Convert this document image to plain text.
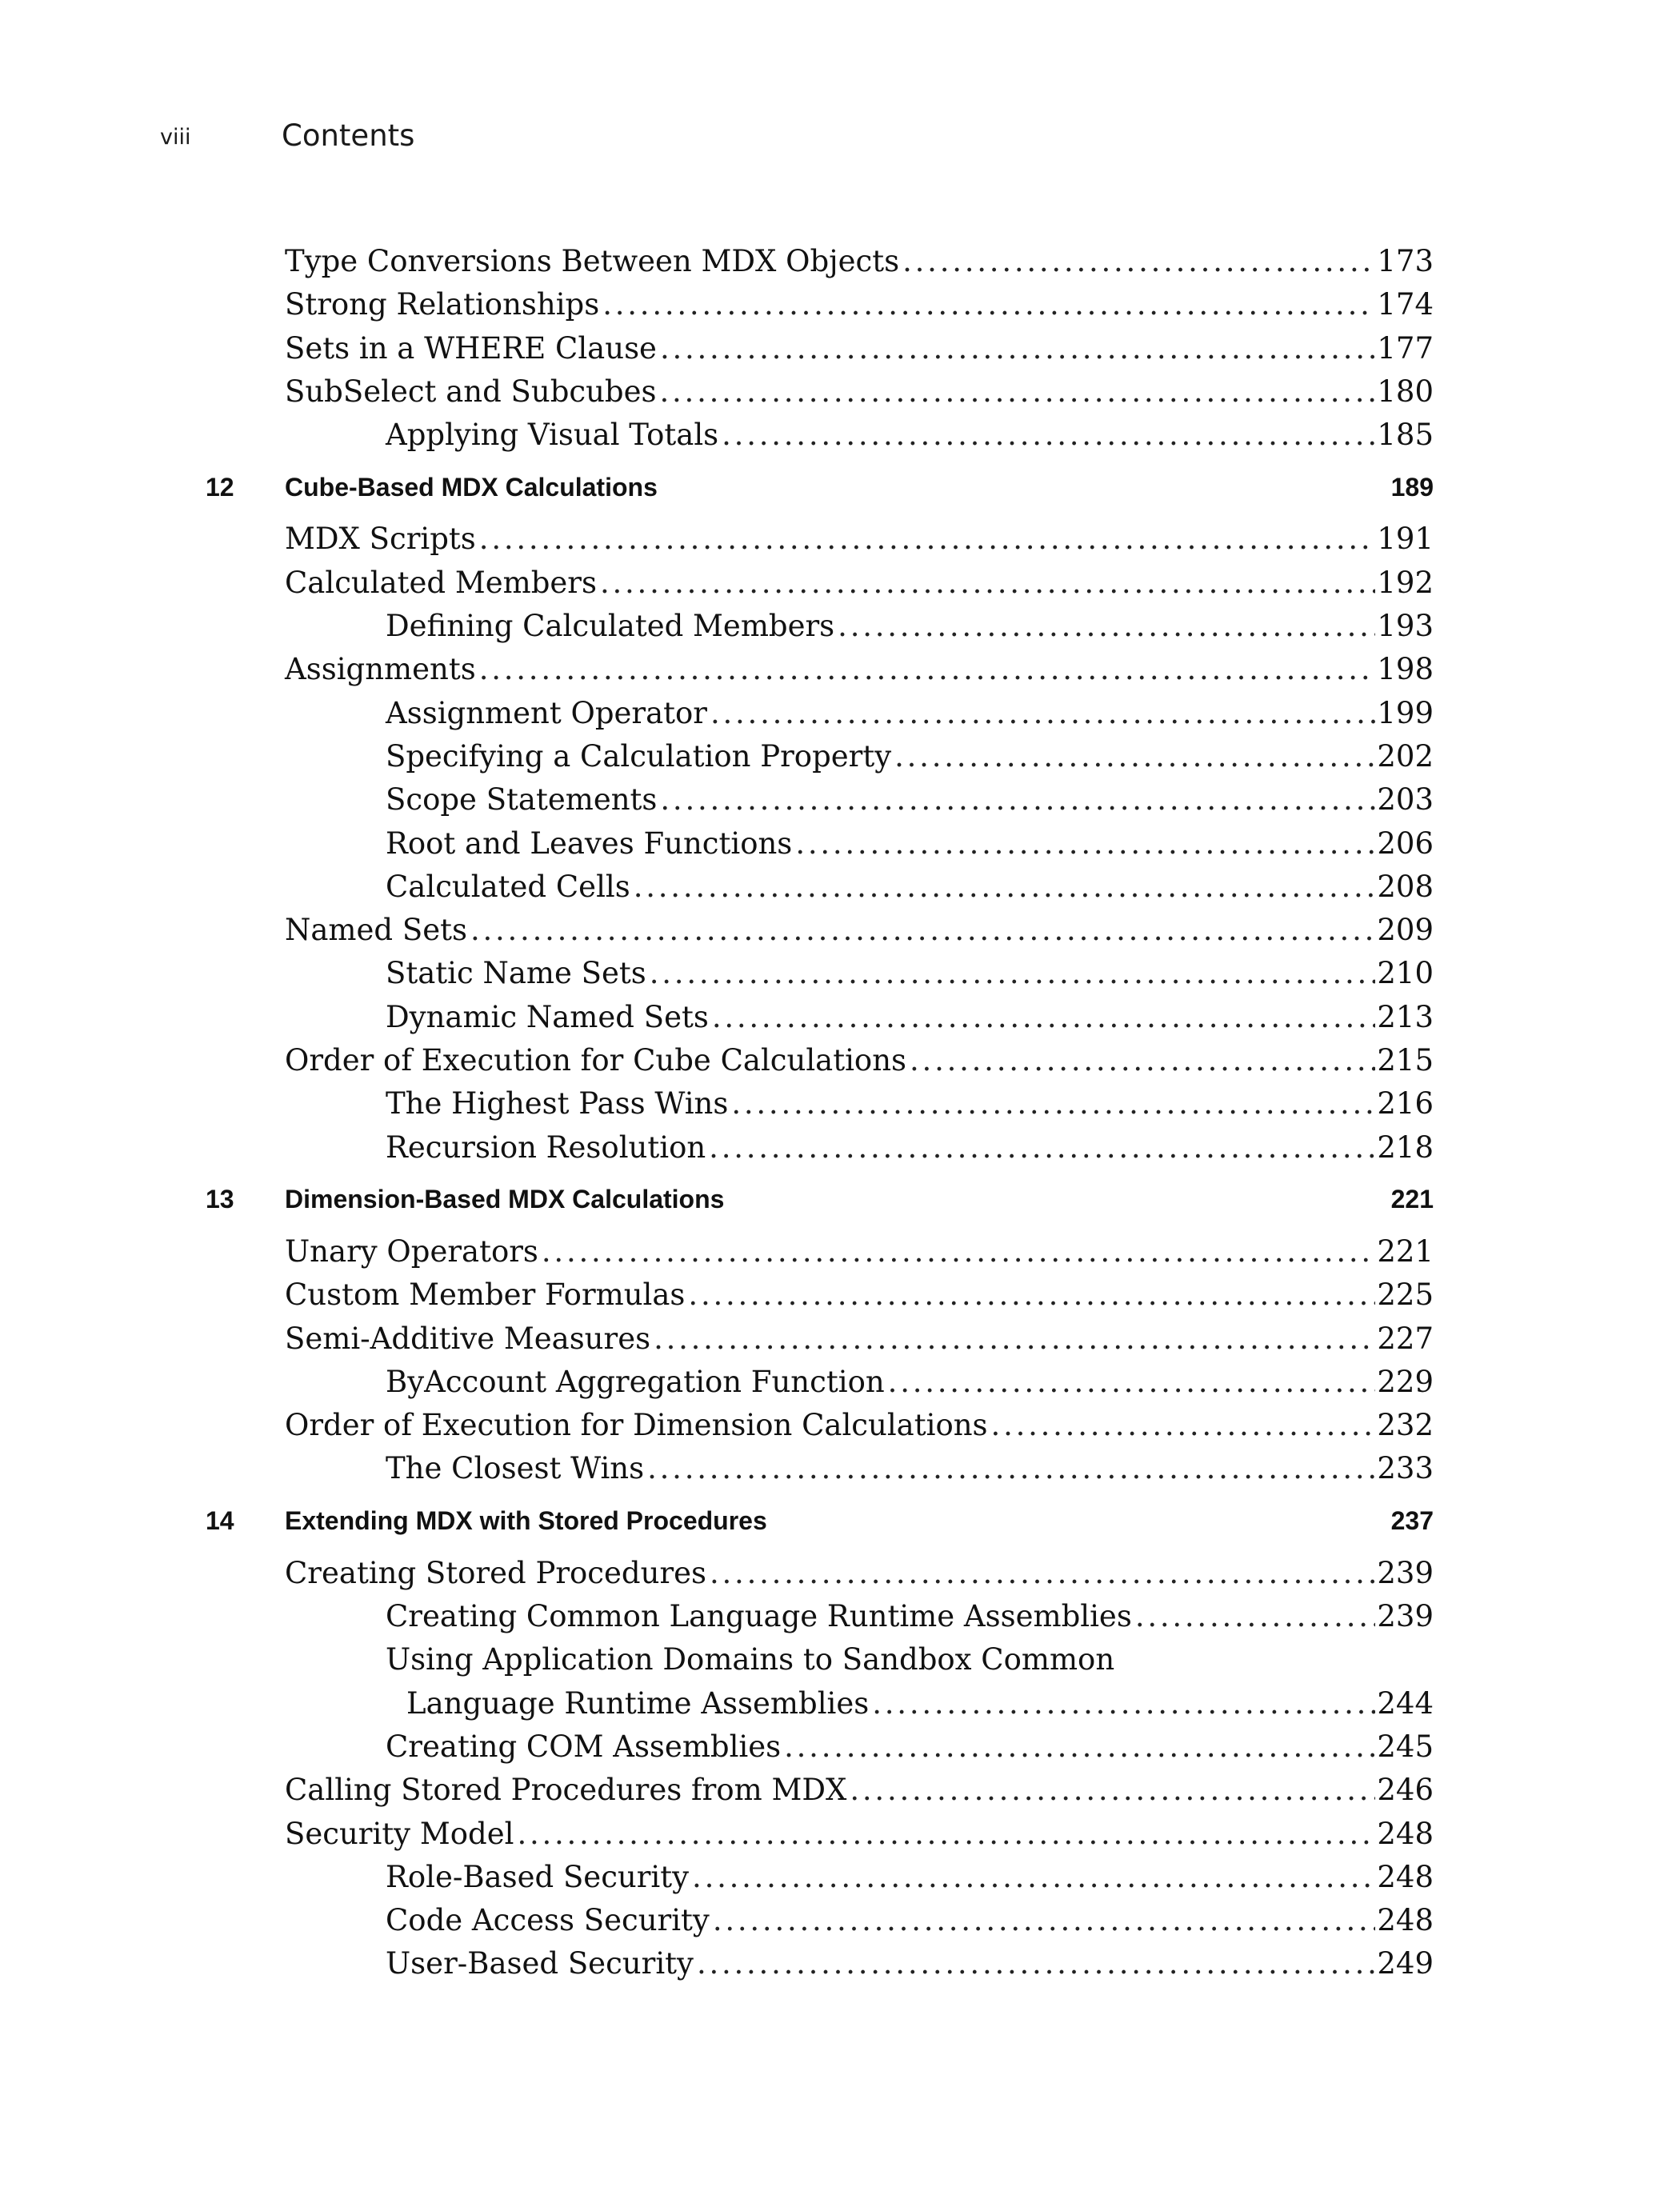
viii	Contents
Type Conversions Between MDX Objects . . .	173
Strong Relationships . . .	174
Sets in a WHERE Clause . . .	177
SubSelect and Subcubes . . .	180
Applying Visual Totals . . .	185
12 Cube-Based MDX Calculations	189
MDX Scripts . . .	191
Calculated Members . . .	192
Defining Calculated Members . . .	193
Assignments . . .	198
Assignment Operator . . .	199
Specifying a Calculation Property . . .	202
Scope Statements . . .	203
Root and Leaves Functions . . .	206
Calculated Cells . . .	208
Named Sets . . .	209
Static Name Sets . . .	210
Dynamic Named Sets . . .	213
Order of Execution for Cube Calculations . . .	215
The Highest Pass Wins . . .	216
Recursion Resolution . . .	218
13 Dimension-Based MDX Calculations	221
Unary Operators . . .	221
Custom Member Formulas . . .	225
Semi-Additive Measures . . .	227
ByAccount Aggregation Function . . .	229
Order of Execution for Dimension Calculations . . .	232
The Closest Wins . . .	233
14 Extending MDX with Stored Procedures	237
Creating Stored Procedures . . .	239
Creating Common Language Runtime Assemblies . . .	239
Using Application Domains to Sandbox Common
Language Runtime Assemblies . . .	244
Creating COM Assemblies . . .	245
Calling Stored Procedures from MDX . . .	246
Security Model . . .	248
Role-Based Security . . .	248
Code Access Security . . .	248
User-Based Security . . .	249
